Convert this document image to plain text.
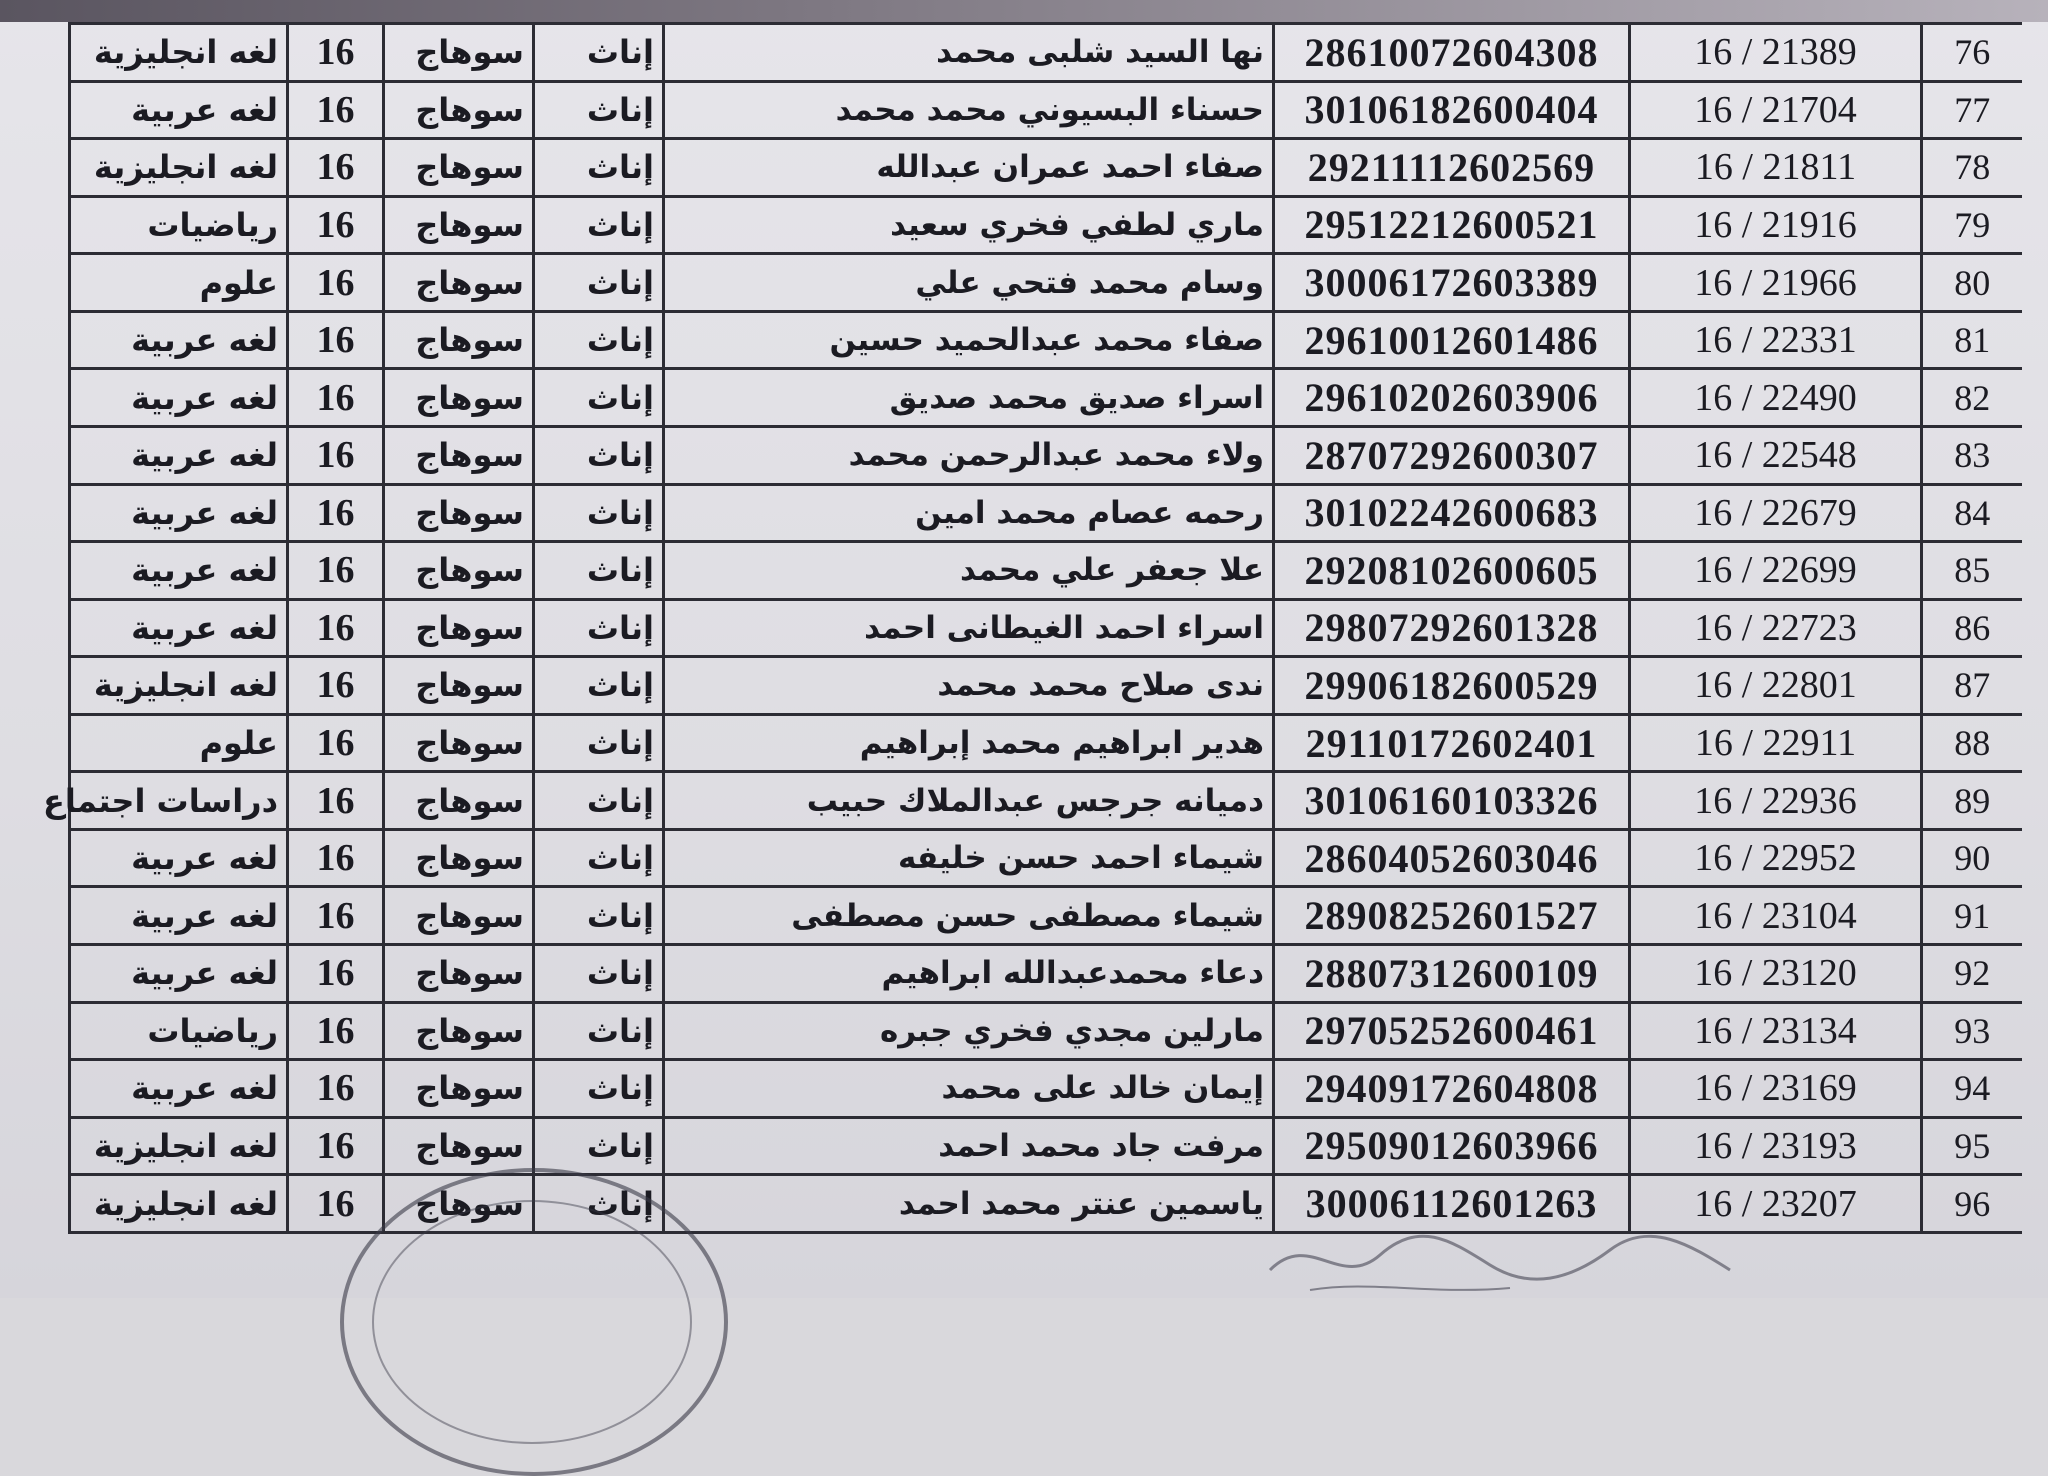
لغه انجليزية	16	سوهاج	إناث	نها السيد شلبى محمد	28610072604308	16 / 21389	76
لغه عربية	16	سوهاج	إناث	حسناء البسيوني محمد محمد	30106182600404	16 / 21704	77
لغه انجليزية	16	سوهاج	إناث	صفاء احمد عمران عبدالله	29211112602569	16 / 21811	78
رياضيات	16	سوهاج	إناث	ماري لطفي فخري سعيد	29512212600521	16 / 21916	79
علوم	16	سوهاج	إناث	وسام محمد فتحي علي	30006172603389	16 / 21966	80
لغه عربية	16	سوهاج	إناث	صفاء محمد عبدالحميد حسين	29610012601486	16 / 22331	81
لغه عربية	16	سوهاج	إناث	اسراء صديق محمد صديق	29610202603906	16 / 22490	82
لغه عربية	16	سوهاج	إناث	ولاء محمد عبدالرحمن محمد	28707292600307	16 / 22548	83
لغه عربية	16	سوهاج	إناث	رحمه عصام محمد امين	30102242600683	16 / 22679	84
لغه عربية	16	سوهاج	إناث	علا جعفر علي محمد	29208102600605	16 / 22699	85
لغه عربية	16	سوهاج	إناث	اسراء احمد الغيطانى احمد	29807292601328	16 / 22723	86
لغه انجليزية	16	سوهاج	إناث	ندى صلاح محمد محمد	29906182600529	16 / 22801	87
علوم	16	سوهاج	إناث	هدير ابراهيم محمد إبراهيم	29110172602401	16 / 22911	88
دراسات اجتماع	16	سوهاج	إناث	دميانه جرجس عبدالملاك حبيب	30106160103326	16 / 22936	89
لغه عربية	16	سوهاج	إناث	شيماء احمد حسن خليفه	28604052603046	16 / 22952	90
لغه عربية	16	سوهاج	إناث	شيماء مصطفى حسن مصطفى	28908252601527	16 / 23104	91
لغه عربية	16	سوهاج	إناث	دعاء محمدعبدالله ابراهيم	28807312600109	16 / 23120	92
رياضيات	16	سوهاج	إناث	مارلين مجدي فخري جبره	29705252600461	16 / 23134	93
لغه عربية	16	سوهاج	إناث	إيمان خالد على محمد	29409172604808	16 / 23169	94
لغه انجليزية	16	سوهاج	إناث	مرفت جاد محمد احمد	29509012603966	16 / 23193	95
لغه انجليزية	16	سوهاج	إناث	ياسمين عنتر محمد احمد	30006112601263	16 / 23207	96
